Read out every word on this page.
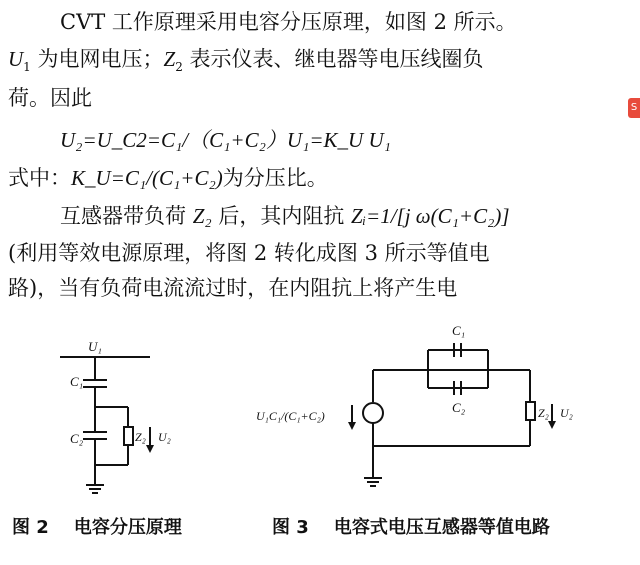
CVT 工作原理采用电容分压原理，如图 2 所示。
$U_1$ 为电网电压；$Z_2$ 表示仪表、继电器等电压线圈负
荷。因此
U₂=U_C2=C₁/（C₁+C₂）U₁=K_U U₁
式中：K_U=C₁/(C₁+C₂)为分压比。
互感器带负荷 Z₂ 后，其内阻抗 Zᵢ=1/[j ω(C₁+C₂)]
(利用等效电源原理，将图 2 转化成图 3 所示等值电
路)，当有负荷电流流过时，在内阻抗上将产生电
S
U₁
C₁
C₂	Z₂ U₂
图 2 电容分压原理
C₁
C₂
U₁C₁/(C₁+C₂)	Z₂ U₂
图 3 电容式电压互感器等值电路
